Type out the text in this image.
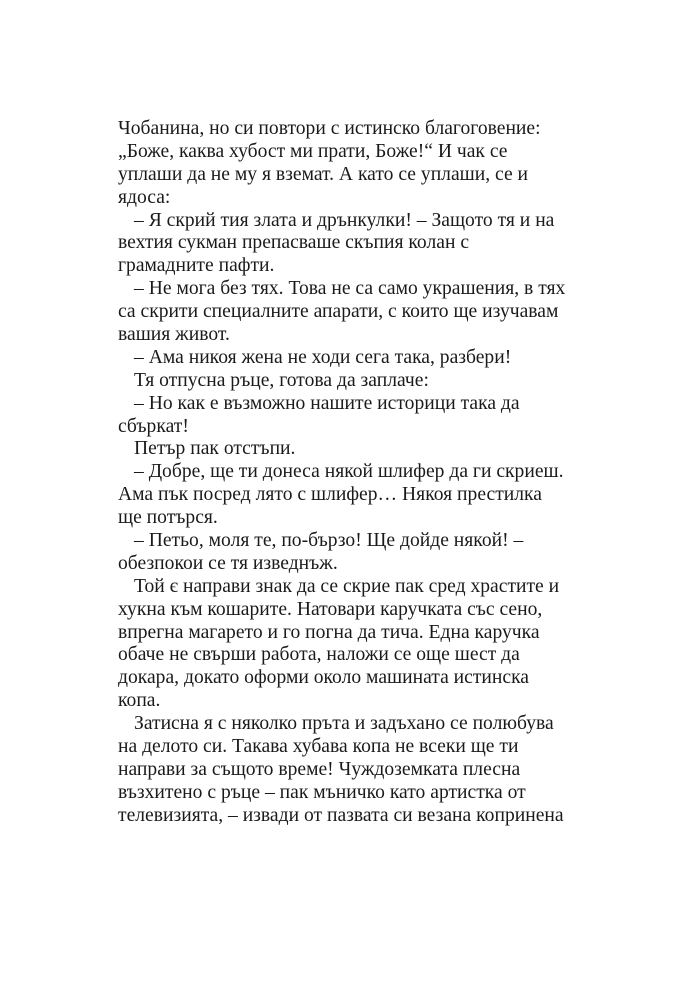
Чобанина, но си повтори с истинско благоговение:
„Боже, каква хубост ми прати, Боже!“ И чак се
уплаши да не му я вземат. А като се уплаши, се и
ядоса:
– Я скрий тия злата и дрънкулки! – Защото тя и на
вехтия сукман препасваше скъпия колан с
грамадните пафти.
– Не мога без тях. Това не са само украшения, в тях
са скрити специалните апарати, с които ще изучавам
вашия живот.
– Ама никоя жена не ходи сега така, разбери!
Тя отпусна ръце, готова да заплаче:
– Но как е възможно нашите историци така да
сбъркат!
Петър пак отстъпи.
– Добре, ще ти донеса някой шлифер да ги скриеш.
Ама пък посред лято с шлифер… Някоя престилка
ще потърся.
– Петьо, моля те, по-бързо! Ще дойде някой! –
обезпокои се тя изведнъж.
Той є направи знак да се скрие пак сред храстите и
хукна към кошарите. Натовари каручката със сено,
впрегна магарето и го погна да тича. Една каручка
обаче не свърши работа, наложи се още шест да
докара, докато оформи около машината истинска
копа.
Затисна я с няколко пръта и задъхано се полюбува
на делото си. Такава хубава копа не всеки ще ти
направи за същото време! Чуждоземката плесна
възхитено с ръце – пак мъничко като артистка от
телевизията, – извади от пазвата си везана копринена
